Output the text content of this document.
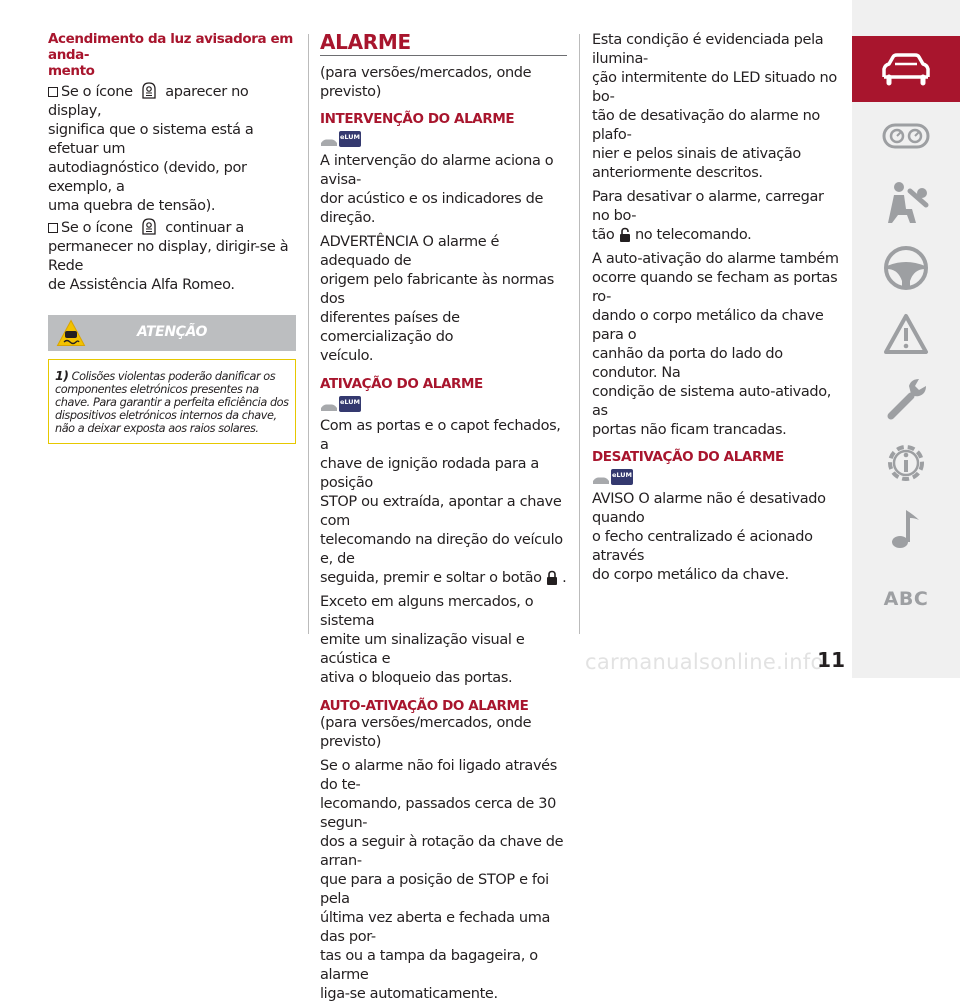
Acendimento da luz avisadora em anda-
mento

Se o ícone aparecer no display,
significa que o sistema está a efetuar um
autodiagnóstico (devido, por exemplo, a
uma quebra de tensão).
Se o ícone continuar a
permanecer no display, dirigir-se à Rede
de Assistência Alfa Romeo.

ATENÇÃO

1) Colisões violentas poderão danificar os
componentes eletrónicos presentes na
chave. Para garantir a perfeita eficiência dos
dispositivos eletrónicos internos da chave,
não a deixar exposta aos raios solares.

ALARME

(para versões/mercados, onde previsto)

INTERVENÇÃO DO ALARME

eLUM

A intervenção do alarme aciona o avisa-
dor acústico e os indicadores de direção.

ADVERTÊNCIA O alarme é adequado de
origem pelo fabricante às normas dos
diferentes países de comercialização do
veículo.

ATIVAÇÃO DO ALARME

eLUM

Com as portas e o capot fechados, a
chave de ignição rodada para a posição
STOP ou extraída, apontar a chave com
telecomando na direção do veículo e, de
seguida, premir e soltar o botão .

Exceto em alguns mercados, o sistema
emite um sinalização visual e acústica e
ativa o bloqueio das portas.

AUTO-ATIVAÇÃO DO ALARME

(para versões/mercados, onde previsto)

Se o alarme não foi ligado através do te-
lecomando, passados cerca de 30 segun-
dos a seguir à rotação da chave de arran-
que para a posição de STOP e foi pela
última vez aberta e fechada uma das por-
tas ou a tampa da bagageira, o alarme
liga-se automaticamente.

Esta condição é evidenciada pela ilumina-
ção intermitente do LED situado no bo-
tão de desativação do alarme no plafo-
nier e pelos sinais de ativação
anteriormente descritos.

Para desativar o alarme, carregar no bo-
tão no telecomando.

A auto-ativação do alarme também
ocorre quando se fecham as portas ro-
dando o corpo metálico da chave para o
canhão da porta do lado do condutor. Na
condição de sistema auto-ativado, as
portas não ficam trancadas.

DESATIVAÇÃO DO ALARME

eLUM

AVISO O alarme não é desativado quando
o fecho centralizado é acionado através
do corpo metálico da chave.

ABC
carmanualsonline.info
11
